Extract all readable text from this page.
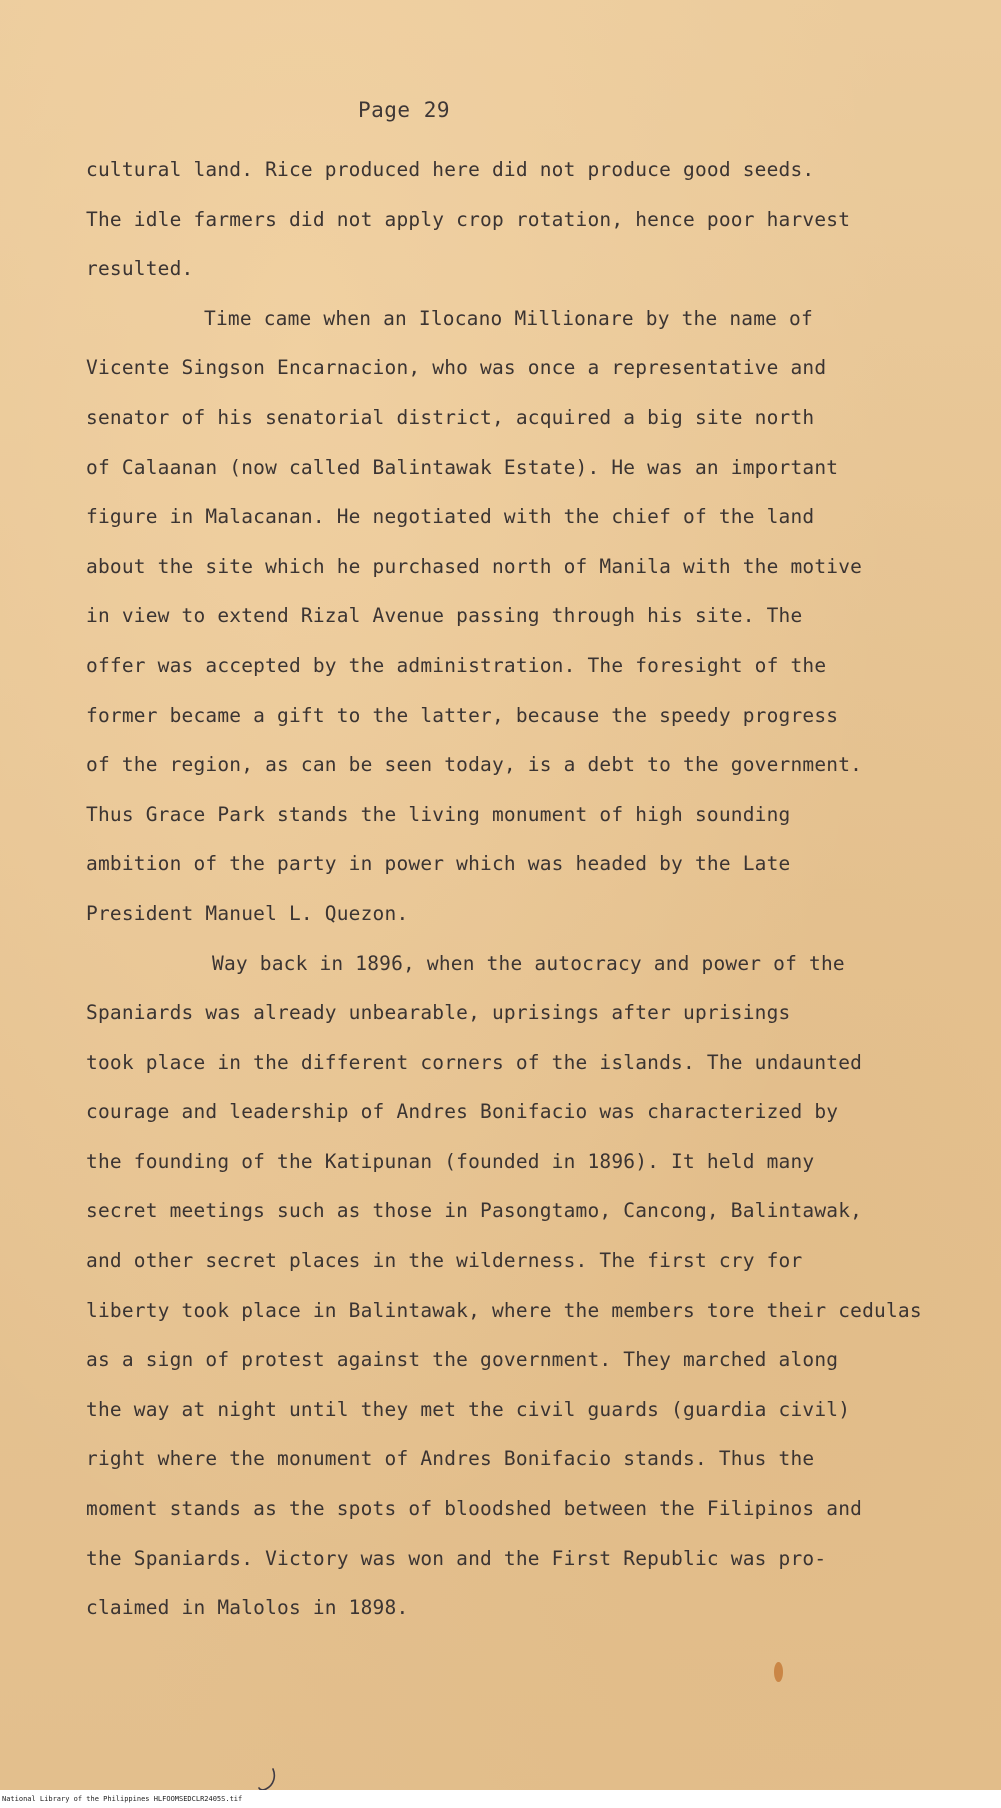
Page 29
cultural land. Rice produced here did not produce good seeds.
The idle farmers did not apply crop rotation, hence poor harvest
resulted.
Time came when an Ilocano Millionare by the name of
Vicente Singson Encarnacion, who was once a representative and
senator of his senatorial district, acquired a big site north
of Calaanan (now called Balintawak Estate). He was an important
figure in Malacanan. He negotiated with the chief of the land
about the site which he purchased north of Manila with the motive
in view to extend Rizal Avenue passing through his site. The
offer was accepted by the administration. The foresight of the
former became a gift to the latter, because the speedy progress
of the region, as can be seen today, is a debt to the government.
Thus Grace Park stands the living monument of high sounding
ambition of the party in power which was headed by the Late
President Manuel L. Quezon.
Way back in 1896, when the autocracy and power of the
Spaniards was already unbearable, uprisings after uprisings
took place in the different corners of the islands. The undaunted
courage and leadership of Andres Bonifacio was characterized by
the founding of the Katipunan (founded in 1896). It held many
secret meetings such as those in Pasongtamo, Cancong, Balintawak,
and other secret places in the wilderness. The first cry for
liberty took place in Balintawak, where the members tore their cedulas
as a sign of protest against the government. They marched along
the way at night until they met the civil guards (guardia civil)
right where the monument of Andres Bonifacio stands. Thus the
moment stands as the spots of bloodshed between the Filipinos and
the Spaniards. Victory was won and the First Republic was pro-
claimed in Malolos in 1898.
National Library of the Philippines HLFOOMSEDCLR2405S.tif
